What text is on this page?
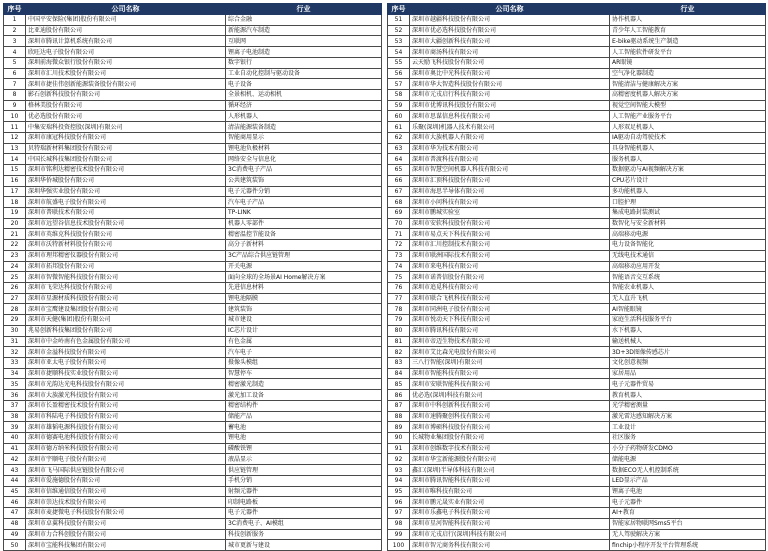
序号	公司名称	行业
1	中国平安保险(集团)股份有限公司	综合金融
2	比亚迪股份有限公司	新能源汽车制造
3	深圳市腾讯计算机系统有限公司	互联网
4	欣旺达电子股份有限公司	锂离子电池制造
5	深圳前海微众银行股份有限公司	数字银行
6	深圳市汇川技术股份有限公司	工业自动化控制与驱动设备
7	深圳市捷佳伟创新能源装备股份有限公司	电子设备
8	影石创新科技股份有限公司	全景相机、运动相机
9	格林美股份有限公司	循环经济
10	优必选股份有限公司	人形机器人
11	中集安瑞科投资控股(深圳)有限公司	清洁能源装备制造
12	深圳市康冠科技股份有限公司	智能商用显示
13	贝特瑞新材料集团股份有限公司	锂电池负极材料
14	中国长城科技集团股份有限公司	网络安全与信息化
15	深圳市铭利达精密技术股份有限公司	3C消费电子产品
16	深圳华侨城股份有限公司	公共建筑装饰
17	深圳华强实业股份有限公司	电子元器件分销
18	深圳市航盛电子股份有限公司	汽车电子产品
19	深圳市普联技术有限公司	TP-LINK
20	深圳市远望谷信息技术股份有限公司	机器人零部件
21	深圳市英维克科技股份有限公司	精密温控节能设备
22	深圳市沃特新材料股份有限公司	高分子新材料
23	深圳市理邦精密仪器股份有限公司	3C产品综合供应链管理
24	深圳市拓邦股份有限公司	开关电源
25	深圳市智微智能科技股份有限公司	面向全球的全场景AI Home解决方案
26	深圳市飞荣达科技股份有限公司	先进信息材料
27	深圳市星源材质科技股份有限公司	锂电池隔膜
28	深圳市宝鹰建设集团股份有限公司	建筑装饰
29	深圳市天健(集团)股份有限公司	城市建设
30	兆易创新科技集团股份有限公司	IC芯片设计
31	深圳市中金岭南有色金属股份有限公司	有色金属
32	深圳市金溢科技股份有限公司	汽车电子
33	深圳市亚太电子股份有限公司	摄像头模组
34	深圳市捷顺科技实业股份有限公司	智慧停车
35	深圳市光韵达光电科技股份有限公司	精密激光制造
36	深圳市大族激光科技股份有限公司	激光加工设备
37	深圳市长盈精密技术股份有限公司	精密结构件
38	深圳市科陆电子科技股份有限公司	储能产品
39	深圳市雄韬电源科技股份有限公司	蓄电池
40	深圳市德赛电池科技股份有限公司	锂电池
41	深圳市德方纳米科技股份有限公司	磷酸铁锂
42	深圳市宇顺电子股份有限公司	液晶显示
43	深圳市飞马国际供应链股份有限公司	供应链管理
44	深圳市爱施德股份有限公司	手机分销
45	深圳市信维通信股份有限公司	射频元器件
46	深圳市崇达技术股份有限公司	印制电路板
47	深圳市麦捷微电子科技股份有限公司	电子元器件
48	深圳市卓翼科技股份有限公司	3C消费电子、AI模组
49	深圳市力合科创股份有限公司	科技创新服务
50	深圳市宝能科技集团有限公司	城市更新与建设
序号	公司名称	行业
51	深圳市越疆科技股份有限公司	协作机器人
52	深圳市优必选科技股份有限公司	青少年人工智能教育
53	深圳市大疆创新科技有限公司	E-bike驱动系统生产制造
54	深圳市商汤科技有限公司	人工智能软件研发平台
55	云天励飞科技股份有限公司	AR眼镜
56	深圳市奥比中光科技有限公司	空气净化器制造
57	深圳市华大智造科技股份有限公司	智能清洁与健康解决方案
58	深圳市元戎启行科技有限公司	高精密度机器人解决方案
59	深圳市优博讯科技股份有限公司	视觉空间智能大模型
60	深圳市思谋信息科技有限公司	人工智能产业服务平台
61	乐聚(深圳)机器人技术有限公司	人形双足机器人
62	深圳市大族机器人有限公司	IA驱动自动驾驶技术
63	深圳市华为技术有限公司	具身智能机器人
64	深圳市普渡科技有限公司	服务机器人
65	深圳市智慧空间机器人科技有限公司	数据驱动与AI视频解决方案
66	深圳市汇顶科技股份有限公司	CPU芯片设计
67	深圳市海思半导体有限公司	多功能机器人
68	深圳市小问科技有限公司	口腔护理
69	深圳市鹏城实验室	集成电路封装测试
70	深圳市安软科技股份有限公司	数智化与安全新材料
71	深圳市易点天下科技有限公司	高端移动电源
72	深圳市汇川控制技术有限公司	电力设备智能化
73	深圳市联洲国际技术有限公司	无线电技术通信
74	深圳市来电科技有限公司	高端移动应用开发
75	深圳市诺普信股份有限公司	智能语音交互系统
76	深圳市追觅科技有限公司	智能农业机器人
77	深圳市联合飞机科技有限公司	无人直升飞机
78	深圳市同洲电子股份有限公司	AI智能眼镜
79	深圳市悦动天下科技有限公司	家庭生活科技服务平台
80	深圳市腾讯科技有限公司	水下机器人
81	深圳市帝迈生物技术有限公司	输送机械人
82	深圳市艾比森光电股份有限公司	3D+3D图像传感芯片
83	三八行智能(深圳)有限公司	文化创意视频
84	深圳市智能科技有限公司	家居用品
85	深圳市安联智能科技有限公司	电子元器件贸易
86	优必选(深圳)科技有限公司	教育机器人
87	深圳市中科创新科技有限公司	光学精密测量
88	深圳市速腾聚创科技有限公司	激光雷达感知解决方案
89	深圳市博硕科技股份有限公司	工业设计
90	长城物业集团股份有限公司	社区服务
91	深圳市创维数字技术有限公司	小分子药物研发CDMO
92	深圳市华宝新能源股份有限公司	储能电源
93	鑫汇(深圳)半导体科技有限公司	数据ECO无人机控制系统
94	深圳市腾讯智能科技有限公司	LED显示产品
95	深圳市唯科技有限公司	锂离子电池
96	深圳市鹏元晟实业有限公司	电子元器件
97	深圳市乐鑫电子科技有限公司	AI+教育
98	深圳市星河智能科技有限公司	智能家居物联网Sms5平台
99	深圳市元戎启行(深圳)科技有限公司	无人驾驶解决方案
100	深圳市智元商务科技有限公司	finchip小程序开发平台管理系统
